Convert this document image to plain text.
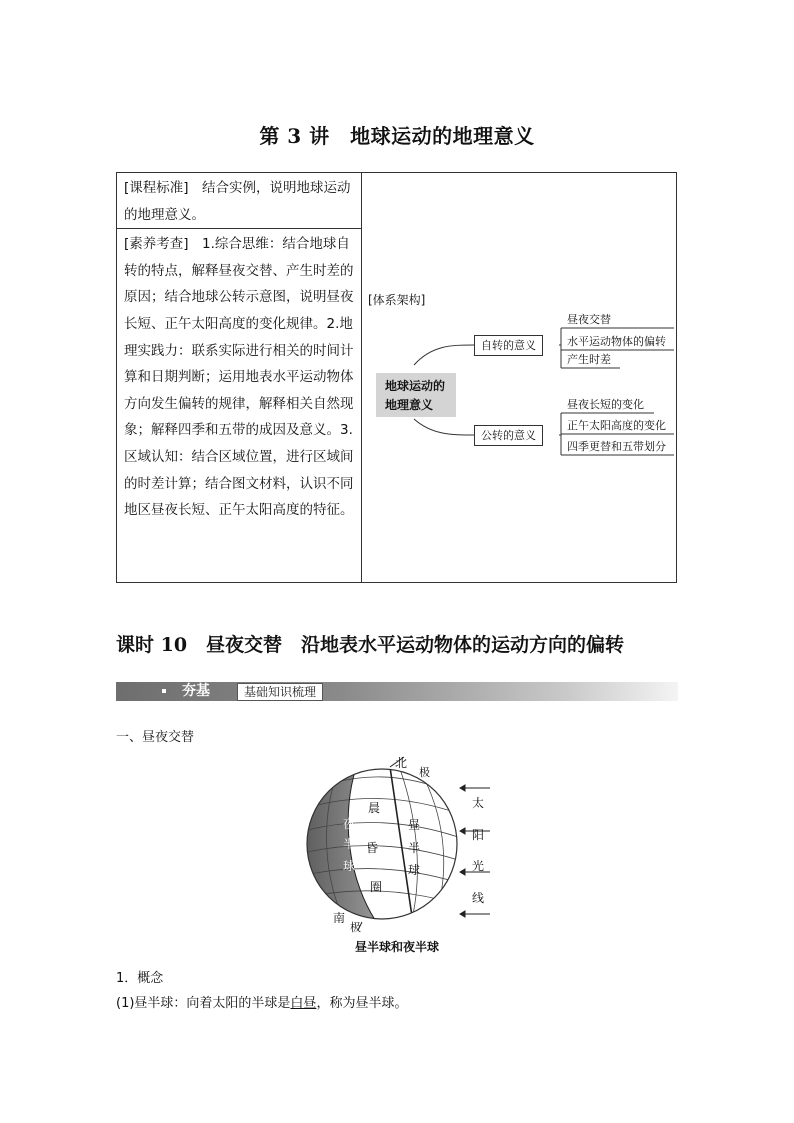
第 3 讲　地球运动的地理意义
[课程标准]　结合实例，说明地球运动的地理意义。	
[体系架构]
地球运动的
地理意义
自转的意义
公转的意义
昼夜交替
水平运动物体的偏转
产生时差
昼夜长短的变化
正午太阳高度的变化
四季更替和五带划分

[素养考查]　1.综合思维：结合地球自转的特点，解释昼夜交替、产生时差的原因；结合地球公转示意图，说明昼夜长短、正午太阳高度的变化规律。2.地理实践力：联系实际进行相关的时间计算和日期判断；运用地表水平运动物体方向发生偏转的规律，解释相关自然现象；解释四季和五带的成因及意义。3.区域认知：结合区域位置，进行区域间的时差计算；结合图文材料，认识不同地区昼夜长短、正午太阳高度的特征。
课时 10　昼夜交替　沿地表水平运动物体的运动方向的偏转
夯基	基础知识梳理
一、昼夜交替
北
极
南
极
夜
半
球
晨
昏
圈
昼
半
球
太
阳
光
线
昼半球和夜半球
1．概念
(1)昼半球：向着太阳的半球是白昼，称为昼半球。
